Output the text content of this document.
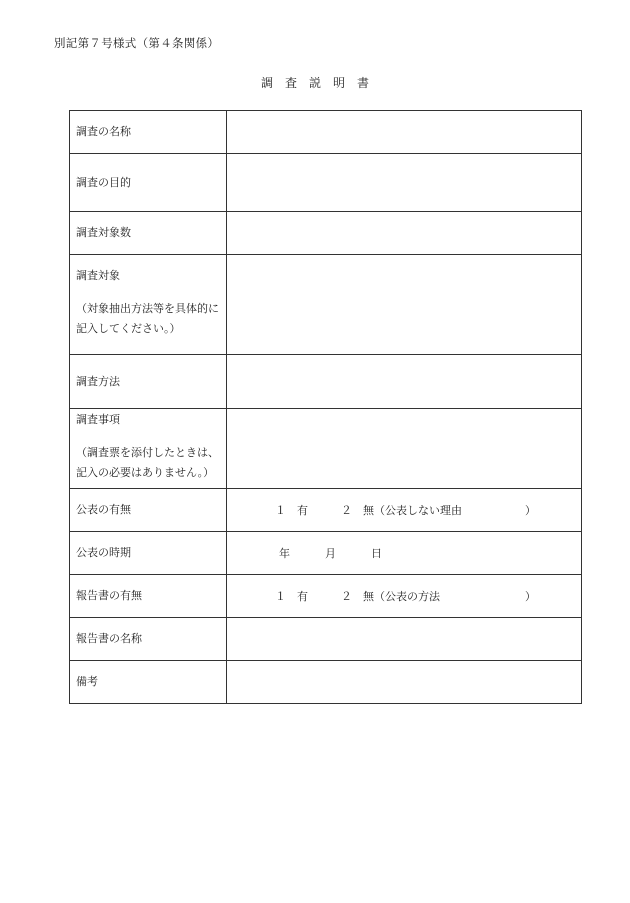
別記第７号様式（第４条関係）
調　査　説　明　書
調査の名称	
調査の目的	
調査対象数	

調査対象
（対象抽出方法等を具体的に記入してください。）	

調査方法	

調査事項
（調査票を添付したときは、記入の必要はありません。）	

公表の有無	１　有 ２　無（公表しない理由 ）

公表の時期	年 月 日
報告書の有無	１　有 ２　無（公表の方法 ）

報告書の名称	
備考	
